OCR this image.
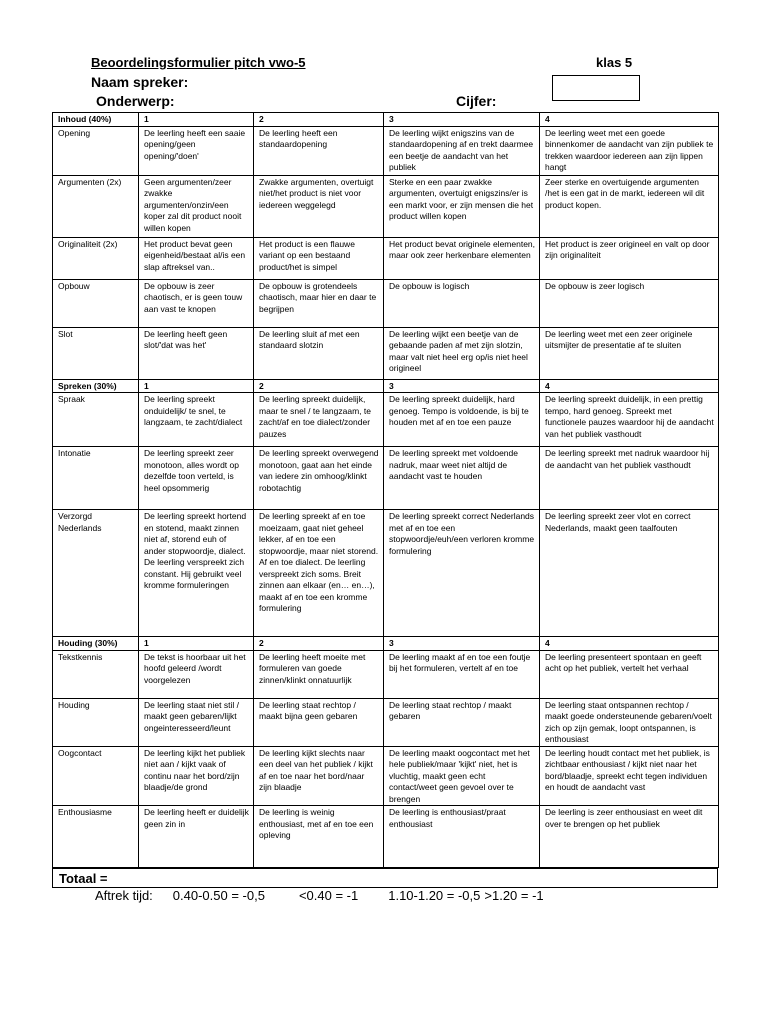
Beoordelingsformulier pitch vwo-5	klas 5
Naam spreker:
Onderwerp:	Cijfer:
Inhoud (40%)	1	2	3	4
Opening	De leerling heeft een saaie opening/geen opening/'doen'	De leerling heeft een standaardopening	De leerling wijkt enigszins van de standaardopening af en trekt daarmee een beetje de aandacht van het publiek	De leerling weet met een goede binnenkomer de aandacht van zijn publiek te trekken waardoor iedereen aan zijn lippen hangt
Argumenten (2x)	Geen argumenten/zeer zwakke argumenten/onzin/een koper zal dit product nooit willen kopen	Zwakke argumenten, overtuigt niet/het product is niet voor iedereen weggelegd	Sterke en een paar zwakke argumenten, overtuigt enigszins/er is een markt voor, er zijn mensen die het product willen kopen	Zeer sterke en overtuigende argumenten /het is een gat in de markt, iedereen wil dit product kopen.
Originaliteit (2x)	Het product bevat geen eigenheid/bestaat al/is een slap aftreksel van..	Het product is een flauwe variant op een bestaand product/het is simpel	Het product bevat originele elementen, maar ook zeer herkenbare elementen	Het product is zeer origineel en valt op door zijn originaliteit
Opbouw	De opbouw is zeer chaotisch, er is geen touw aan vast te knopen	De opbouw is grotendeels chaotisch, maar hier en daar te begrijpen	De opbouw is logisch	De opbouw is zeer logisch
Slot	De leerling heeft geen slot/'dat was het'	De leerling sluit af met een standaard slotzin	De leerling wijkt een beetje van de gebaande paden af met zijn slotzin, maar valt niet heel erg op/is niet heel origineel	De leerling weet met een zeer originele uitsmijter de presentatie af te sluiten
Spreken (30%)	1	2	3	4
Spraak	De leerling spreekt onduidelijk/ te snel, te langzaam, te zacht/dialect	De leerling spreekt duidelijk, maar te snel / te langzaam, te zacht/af en toe dialect/zonder pauzes	De leerling spreekt duidelijk, hard genoeg. Tempo is voldoende, is bij te houden met af en toe een pauze	De leerling spreekt duidelijk, in een prettig tempo, hard genoeg. Spreekt met functionele pauzes waardoor hij de aandacht van het publiek vasthoudt
Intonatie	De leerling spreekt zeer monotoon, alles wordt op dezelfde toon verteld, is heel opsommerig	De leerling spreekt overwegend monotoon, gaat aan het einde van iedere zin omhoog/klinkt robotachtig	De leerling spreekt met voldoende nadruk, maar weet niet altijd de aandacht vast te houden	De leerling spreekt met nadruk waardoor hij de aandacht van het publiek vasthoudt
Verzorgd Nederlands	De leerling spreekt hortend en stotend, maakt zinnen niet af, storend euh of ander stopwoordje, dialect. De leerling verspreekt zich constant. Hij gebruikt veel kromme formuleringen	De leerling spreekt af en toe moeizaam, gaat niet geheel lekker, af en toe een stopwoordje, maar niet storend. Af en toe dialect. De leerling verspreekt zich soms. Breit zinnen aan elkaar (en… en…), maakt af en toe een kromme formulering	De leerling spreekt correct Nederlands met af en toe een stopwoordje/euh/een verloren kromme formulering	De leerling spreekt zeer vlot en correct Nederlands, maakt geen taalfouten
Houding (30%)	1	2	3	4
Tekstkennis	De tekst is hoorbaar uit het hoofd geleerd /wordt voorgelezen	De leerling heeft moeite met formuleren van goede zinnen/klinkt onnatuurlijk	De leerling maakt af en toe een foutje bij het formuleren, vertelt af en toe	De leerling presenteert spontaan en geeft acht op het publiek, vertelt het verhaal
Houding	De leerling staat niet stil / maakt geen gebaren/lijkt ongeinteresseerd/leunt	De leerling staat rechtop / maakt bijna geen gebaren	De leerling staat rechtop / maakt gebaren	De leerling staat ontspannen rechtop / maakt goede ondersteunende gebaren/voelt zich op zijn gemak, loopt ontspannen, is enthousiast
Oogcontact	De leerling kijkt het publiek niet aan / kijkt vaak of continu naar het bord/zijn blaadje/de grond	De leerling kijkt slechts naar een deel van het publiek / kijkt af en toe naar het bord/naar zijn blaadje	De leerling maakt oogcontact met het hele publiek/maar 'kijkt' niet, het is vluchtig, maakt geen echt contact/weet geen gevoel over te brengen	De leerling houdt contact met het publiek, is zichtbaar enthousiast / kijkt niet naar het bord/blaadje, spreekt echt tegen individuen en houdt de aandacht vast
Enthousiasme	De leerling heeft er duidelijk geen zin in	De leerling is weinig enthousiast, met af en toe een opleving	De leerling is enthousiast/praat enthousiast	De leerling is zeer enthousiast en weet dit over te brengen op het publiek
Totaal =
Aftrek tijd: 0.40-0.50 = -0,5	<0.40 = -1 1.10-1.20 = -0,5 >1.20 = -1
